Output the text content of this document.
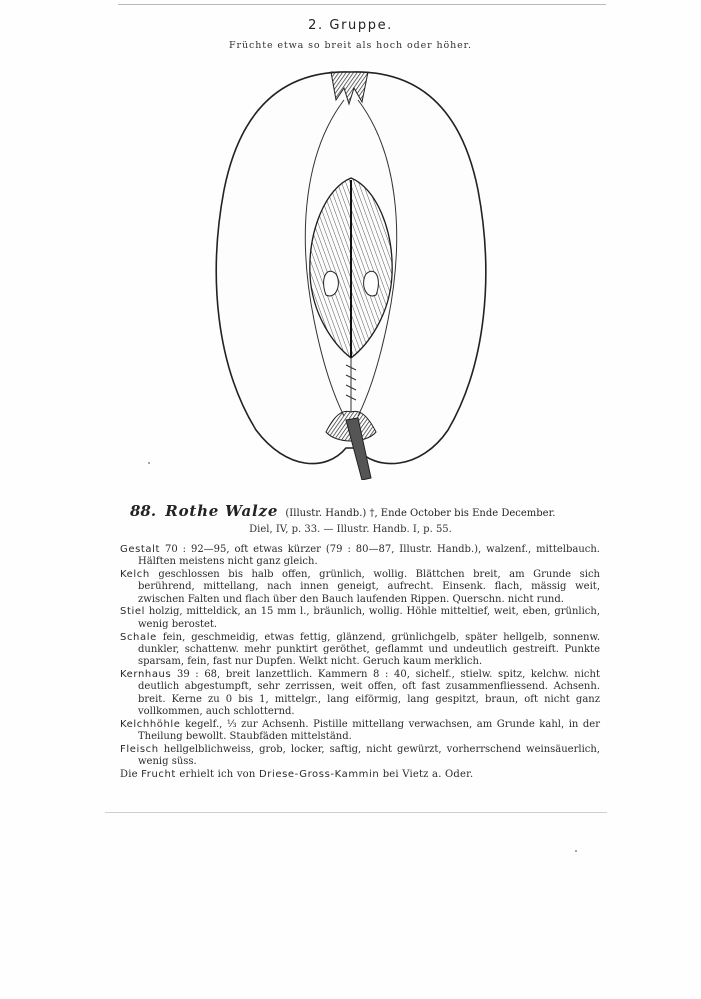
2. Gruppe.
Früchte etwa so breit als hoch oder höher.
88. Rothe Walze (Illustr. Handb.) †, Ende October bis Ende December.
Diel, IV, p. 33. — Illustr. Handb. I, p. 55.

Gestalt 70 : 92—95, oft etwas kürzer (79 : 80—87, Illustr. Handb.), walzenf., mittelbauch. Hälften meistens nicht ganz gleich.

Kelch geschlossen bis halb offen, grünlich, wollig. Blättchen breit, am Grunde sich berührend, mittellang, nach innen geneigt, aufrecht. Einsenk. flach, mässig weit, zwischen Falten und flach über den Bauch laufenden Rippen. Querschn. nicht rund.

Stiel holzig, mitteldick, an 15 mm l., bräunlich, wollig. Höhle mitteltief, weit, eben, grünlich, wenig berostet.

Schale fein, geschmeidig, etwas fettig, glänzend, grünlichgelb, später hellgelb, sonnenw. dunkler, schattenw. mehr punktirt geröthet, geflammt und undeutlich gestreift. Punkte sparsam, fein, fast nur Dupfen. Welkt nicht. Geruch kaum merklich.

Kernhaus 39 : 68, breit lanzettlich. Kammern 8 : 40, sichelf., stielw. spitz, kelchw. nicht deutlich abgestumpft, sehr zerrissen, weit offen, oft fast zusammenfliessend. Achsenh. breit. Kerne zu 0 bis 1, mittelgr., lang eiförmig, lang gespitzt, braun, oft nicht ganz vollkommen, auch schlotternd.

Kelchhöhle kegelf., ⅓ zur Achsenh. Pistille mittellang verwachsen, am Grunde kahl, in der Theilung bewollt. Staubfäden mittelständ.

Fleisch hellgelblichweiss, grob, locker, saftig, nicht gewürzt, vorherrschend weinsäuerlich, wenig süss.

Die Frucht erhielt ich von Driese-Gross-Kammin bei Vietz a. Oder.
